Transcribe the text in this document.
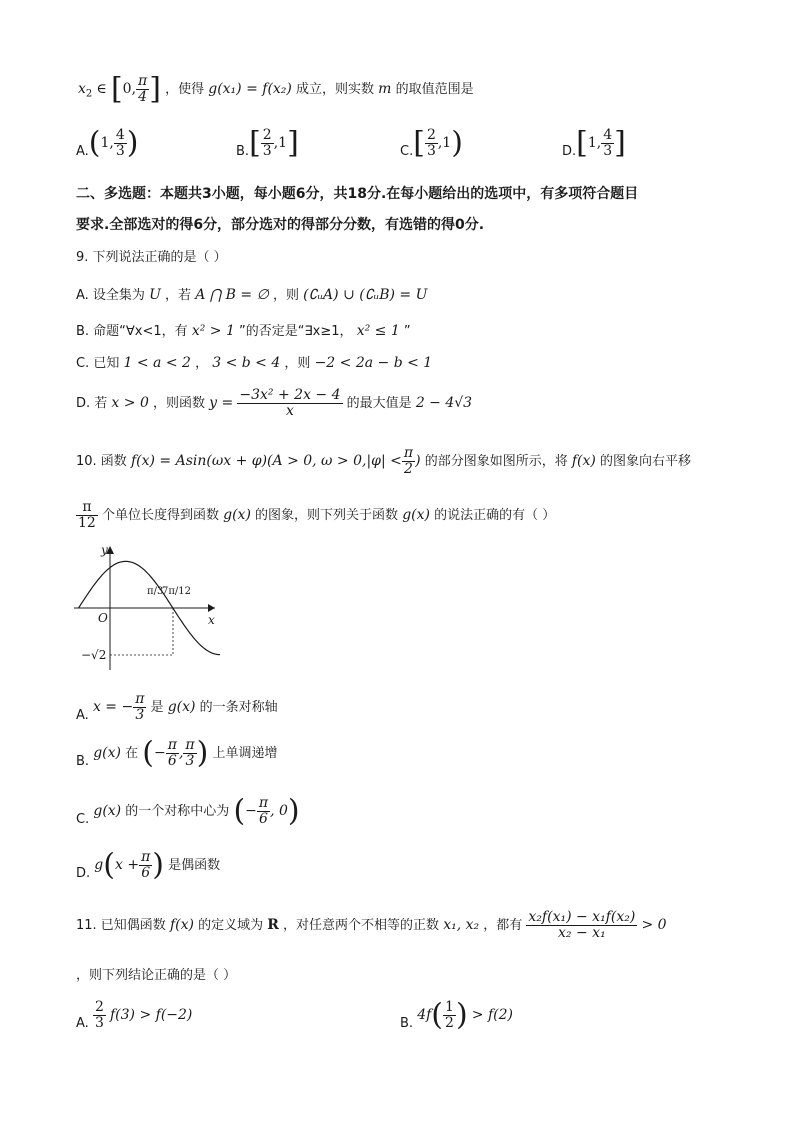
$x_2$ ∈ [0, $\frac{\pi}{4}$ ] ，使得 g(x₁) = f(x₂) 成立，则实数 m 的取值范围是
A.(1, $\frac{4}{3}$ )	$B.[ \frac{2}{3} ,1]$	$C.[ \frac{2}{3} ,1)$	D.[1, $\frac{4}{3}$ ]
二、多选题：本题共3小题，每小题6分，共18分.在每小题给出的选项中，有多项符合题目
要求.全部选对的得6分，部分选对的得部分分数，有选错的得0分.
9. 下列说法正确的是（ ）
A. 设全集为 U ，若 A ⋂ B = ∅ ，则 (∁ᵤA) ∪ (∁ᵤB) = U
B. 命题“∀x<1，有 x² > 1 ”的否定是“∃x≥1， x² ≤ 1 ”
C. 已知 1 < a < 2 ， 3 < b < 4 ，则 −2 < 2a − b < 1
D. 若 x > 0 ，则函数 $y = \frac{\text{−3x² + 2x − 4}}{x}$ 的最大值是 2 − 4√3
10. 函数 f(x) = Asin(ωx + φ)(A > 0, $\omega > 0,|\varphi| < \frac{\pi}{2}$ ) 的部分图象如图所示，将 f(x) 的图象向右平移
$\frac{\pi}{12}$ 个单位长度得到函数 g(x) 的图象，则下列关于函数 g(x) 的说法正确的有（ ）
y
x
O
π/3
7π/12
−√2
A. x = − $\frac{\pi}{3}$ 是 g(x) 的一条对称轴
B. g(x) 在 (− $\frac{\pi}{6}$ , $\frac{\pi}{3}$ ) 上单调递增
C. g(x) 的一个对称中心为 (− $\frac{\pi}{6}$ , 0)
D. $g(x + \frac{\pi}{6}$ ) 是偶函数
11. 已知偶函数 f(x) 的定义域为 R ，对任意两个不相等的正数 x₁, x₂ ，都有 $\frac{\text{x₂f(x₁) − x₁f(x₂)}}{\text{x₂ − x₁}} > 0$
，则下列结论正确的是（ ）
A. $\frac{2}{3} f(3) > f(-2)$
B. $4f( \frac{1}{2}$ ) > f(2)
